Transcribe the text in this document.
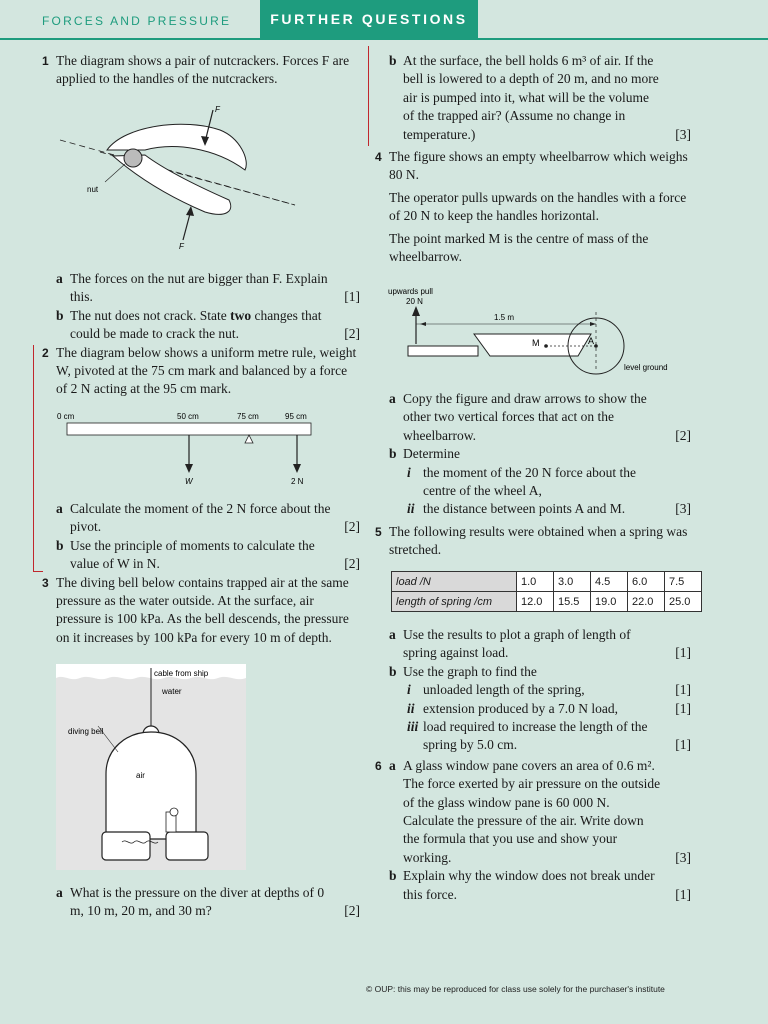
FORCES AND PRESSURE	FURTHER QUESTIONS
1 The diagram shows a pair of nutcrackers. Forces F are applied to the handles of the nutcrackers.

F
F
nut
a The forces on the nut are bigger than F. Explain this.	[1]
b The nut does not crack. State two changes that could be made to crack the nut.	[2]
2 The diagram below shows a uniform metre rule, weight W, pivoted at the 75 cm mark and balanced by a force of 2 N acting at the 95 cm mark.

0 cm	50 cm	75 cm	95 cm
W	2 N
a Calculate the moment of the 2 N force about the pivot.	[2]
b Use the principle of moments to calculate the value of W in N.	[2]
3 The diving bell below contains trapped air at the same pressure as the water outside. At the surface, air pressure is 100 kPa. As the bell descends, the pressure on it increases by 100 kPa for every 10 m of depth.

cable from ship
water
diving bell
air
a What is the pressure on the diver at depths of 0 m, 10 m, 20 m, and 30 m?	[2]
b At the surface, the bell holds 6 m³ of air. If the bell is lowered to a depth of 20 m, and no more air is pumped into it, what will be the volume of the trapped air? (Assume no change in temperature.)	[3]
4 The figure shows an empty wheelbarrow which weighs 80 N.

The operator pulls upwards on the handles with a force of 20 N to keep the handles horizontal.

The point marked M is the centre of mass of the wheelbarrow.

upwards pull
20 N
1.5 m
M	A
level ground
a Copy the figure and draw arrows to show the other two vertical forces that act on the wheelbarrow.	[2]
b Determine
i the moment of the 20 N force about the centre of the wheel A,
ii the distance between points A and M.	[3]
5 The following results were obtained when a spring was stretched.

load /N	1.0	3.0	4.5	6.0	7.5
length of spring /cm	12.0	15.5	19.0	22.0	25.0
a Use the results to plot a graph of length of spring against load.	[1]
b Use the graph to find the
i unloaded length of the spring,	[1]
ii extension produced by a 7.0 N load,	[1]
iii load required to increase the length of the spring by 5.0 cm.	[1]
6 a A glass window pane covers an area of 0.6 m². The force exerted by air pressure on the outside of the glass window pane is 60 000 N. Calculate the pressure of the air. Write down the formula that you use and show your working.	[3]
b Explain why the window does not break under this force.	[1]
© OUP: this may be reproduced for class use solely for the purchaser's institute
